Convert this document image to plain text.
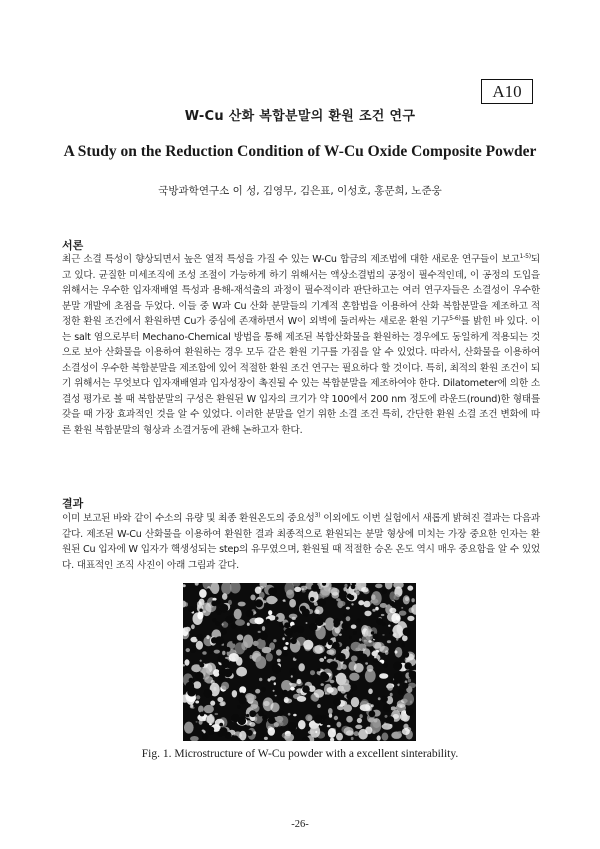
A10
W-Cu 산화 복합분말의 환원 조건 연구
A Study on the Reduction Condition of W-Cu Oxide Composite Powder
국방과학연구소 이 성, 김영무, 김은표, 이성호, 홍문희, 노준웅
서론
최근 소결 특성이 향상되면서 높은 열적 특성을 가질 수 있는 W-Cu 합금의 제조법에 대한 새로운 연구들이 보고$^{1-5)}$되고 있다. 균질한 미세조직에 조성 조절이 가능하게 하기 위해서는 액상소결법의 공정이 필수적인데, 이 공정의 도입을 위해서는 우수한 입자재배열 특성과 용해-재석출의 과정이 필수적이라 판단하고는 여러 연구자들은 소결성이 우수한 분말 개발에 초점을 두었다. 이들 중 W과 Cu 산화 분말들의 기계적 혼합법을 이용하여 산화 복합분말을 제조하고 적정한 환원 조건에서 환원하면 Cu가 중심에 존재하면서 W이 외벽에 둘러싸는 새로운 환원 기구$^{5-6)}$를 밝힌 바 있다. 이는 salt 염으로부터 Mechano-Chemical 방법을 통해 제조된 복합산화물을 환원하는 경우에도 동일하게 적용되는 것으로 보아 산화물을 이용하여 환원하는 경우 모두 같은 환원 기구를 가짐을 알 수 있었다. 따라서, 산화물을 이용하여 소결성이 우수한 복합분말을 제조함에 있어 적절한 환원 조건 연구는 필요하다 할 것이다. 특히, 최적의 환원 조건이 되기 위해서는 무엇보다 입자재배열과 입자성장이 촉진될 수 있는 복합분말을 제조하여야 한다. Dilatometer에 의한 소결성 평가로 볼 때 복합분말의 구성은 환원된 W 입자의 크기가 약 100에서 200 nm 정도에 라운드(round)한 형태를 갖을 때 가장 효과적인 것을 알 수 있었다. 이러한 분말을 얻기 위한 소결 조건 특히, 간단한 환원 소결 조건 변화에 따른 환원 복합분말의 형상과 소결거동에 관해 논하고자 한다.
결과
이미 보고된 바와 같이 수소의 유량 및 최종 환원온도의 중요성$^{3)}$ 이외에도 이번 실험에서 새롭게 밝혀진 결과는 다음과 같다. 제조된 W-Cu 산화물을 이용하여 환원한 결과 최종적으로 환원되는 분말 형상에 미치는 가장 중요한 인자는 환원된 Cu 입자에 W 입자가 핵생성되는 step의 유무였으며, 환원될 때 적절한 승온 온도 역시 매우 중요함을 알 수 있었다. 대표적인 조직 사진이 아래 그림과 같다.
Fig. 1. Microstructure of W-Cu powder with a excellent sinterability.
-26-
